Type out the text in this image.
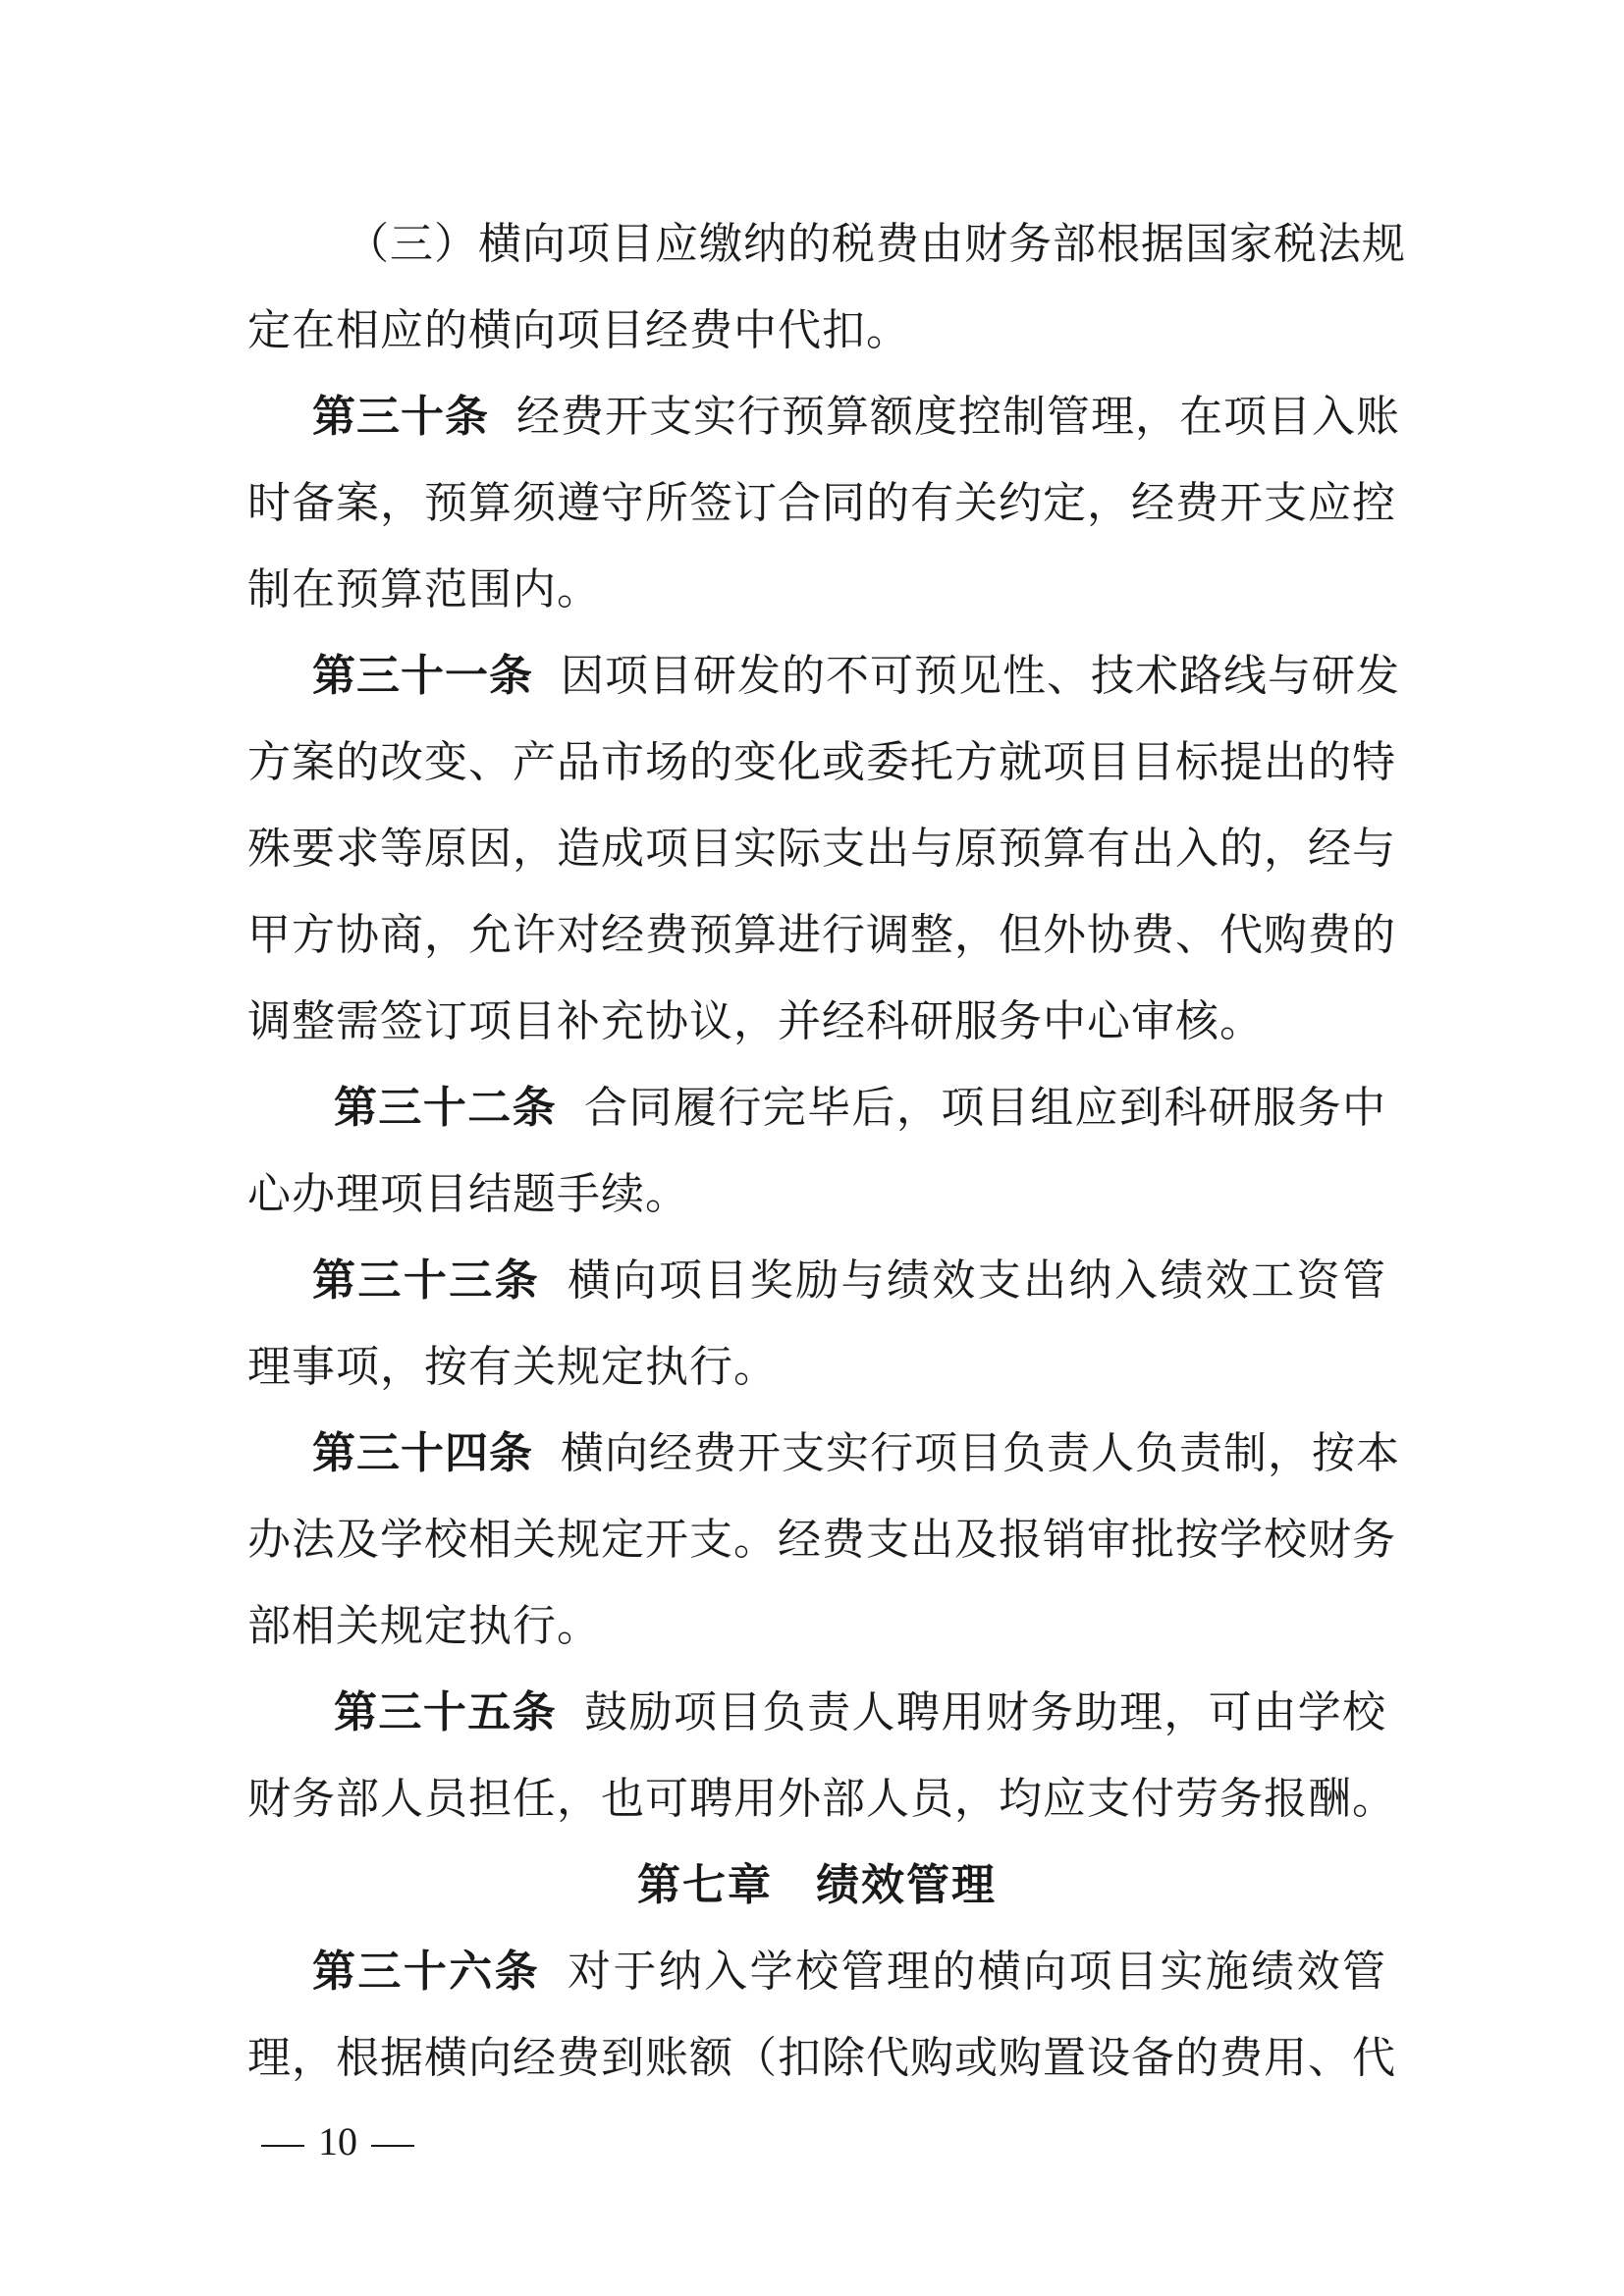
（三）横向项目应缴纳的税费由财务部根据国家税法规
定在相应的横向项目经费中代扣。
第三十条 经费开支实行预算额度控制管理，在项目入账
时备案，预算须遵守所签订合同的有关约定，经费开支应控
制在预算范围内。
第三十一条 因项目研发的不可预见性、技术路线与研发
方案的改变、产品市场的变化或委托方就项目目标提出的特
殊要求等原因，造成项目实际支出与原预算有出入的，经与
甲方协商，允许对经费预算进行调整，但外协费、代购费的
调整需签订项目补充协议，并经科研服务中心审核。
第三十二条 合同履行完毕后，项目组应到科研服务中
心办理项目结题手续。
第三十三条 横向项目奖励与绩效支出纳入绩效工资管
理事项，按有关规定执行。
第三十四条 横向经费开支实行项目负责人负责制，按本
办法及学校相关规定开支。经费支出及报销审批按学校财务
部相关规定执行。
第三十五条 鼓励项目负责人聘用财务助理，可由学校
财务部人员担任，也可聘用外部人员，均应支付劳务报酬。
第七章 绩效管理
第三十六条 对于纳入学校管理的横向项目实施绩效管
理，根据横向经费到账额（扣除代购或购置设备的费用、代
10
